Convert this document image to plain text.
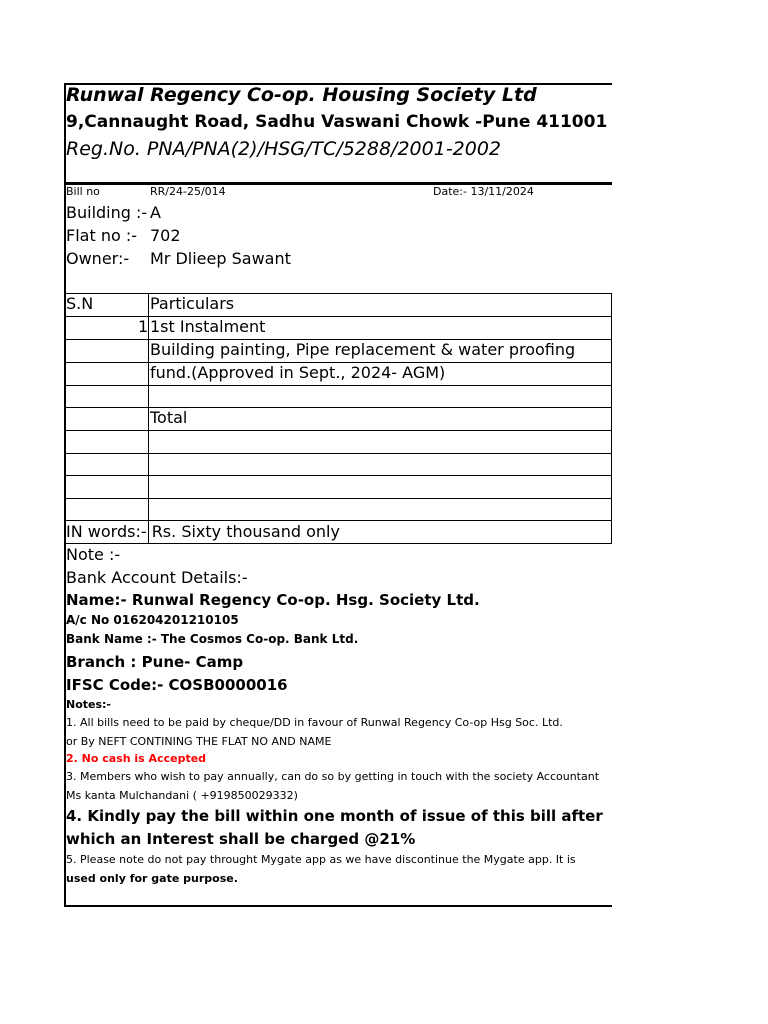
Runwal Regency Co-op. Housing Society Ltd
9,Cannaught Road, Sadhu Vaswani Chowk -Pune 411001
Reg.No. PNA/PNA(2)/HSG/TC/5288/2001-2002
Bill no	RR/24-25/014	Date:- 13/11/2024
Building :- A
Flat no :- 702
Owner:- Mr Dlieep Sawant
S.N	Particulars
1 1st Instalment
Building painting, Pipe replacement & water proofing
fund.(Approved in Sept., 2024- AGM)
Total
IN words:- Rs. Sixty thousand only
Note :-
Bank Account Details:-
Name:- Runwal Regency Co-op. Hsg. Society Ltd.
A/c No 016204201210105
Bank Name :- The Cosmos Co-op. Bank Ltd.
Branch : Pune- Camp
IFSC Code:- COSB0000016
Notes:-
1. All bills need to be paid by cheque/DD in favour of Runwal Regency Co-op Hsg Soc. Ltd.
or By NEFT CONTINING THE FLAT NO AND NAME
2. No cash is Accepted
3. Members who wish to pay annually, can do so by getting in touch with the society Accountant
Ms kanta Mulchandani ( +919850029332)
4. Kindly pay the bill within one month of issue of this bill after
which an Interest shall be charged @21%
5. Please note do not pay throught Mygate app as we have discontinue the Mygate app. It is
used only for gate purpose.
